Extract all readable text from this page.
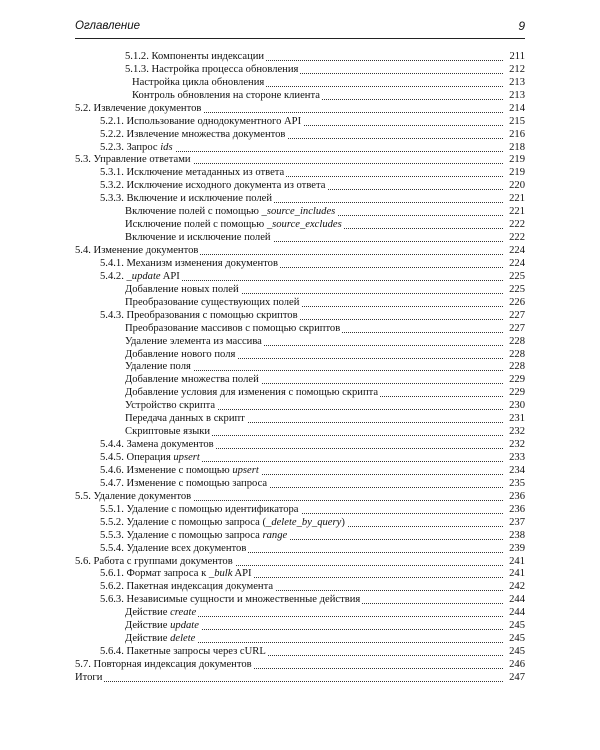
Оглавление	9
5.1.2. Компоненты индексации	211
5.1.3. Настройка процесса обновления	212
Настройка цикла обновления	213
Контроль обновления на стороне клиента	213
5.2. Извлечение документов	214
5.2.1. Использование однодокументного API	215
5.2.2. Извлечение множества документов	216
5.2.3. Запрос ids	218
5.3. Управление ответами	219
5.3.1. Исключение метаданных из ответа	219
5.3.2. Исключение исходного документа из ответа	220
5.3.3. Включение и исключение полей	221
Включение полей с помощью _source_includes	221
Исключение полей с помощью _source_excludes	222
Включение и исключение полей	222
5.4. Изменение документов	224
5.4.1. Механизм изменения документов	224
5.4.2. _update API	225
Добавление новых полей	225
Преобразование существующих полей	226
5.4.3. Преобразования с помощью скриптов	227
Преобразование массивов с помощью скриптов	227
Удаление элемента из массива	228
Добавление нового поля	228
Удаление поля	228
Добавление множества полей	229
Добавление условия для изменения с помощью скрипта	229
Устройство скрипта	230
Передача данных в скрипт	231
Скриптовые языки	232
5.4.4. Замена документов	232
5.4.5. Операция upsert	233
5.4.6. Изменение с помощью upsert	234
5.4.7. Изменение с помощью запроса	235
5.5. Удаление документов	236
5.5.1. Удаление с помощью идентификатора	236
5.5.2. Удаление с помощью запроса (_delete_by_query)	237
5.5.3. Удаление с помощью запроса range	238
5.5.4. Удаление всех документов	239
5.6. Работа с группами документов	241
5.6.1. Формат запроса к _bulk API	241
5.6.2. Пакетная индексация документа	242
5.6.3. Независимые сущности и множественные действия	244
Действие create	244
Действие update	245
Действие delete	245
5.6.4. Пакетные запросы через cURL	245
5.7. Повторная индексация документов	246
Итоги	247
